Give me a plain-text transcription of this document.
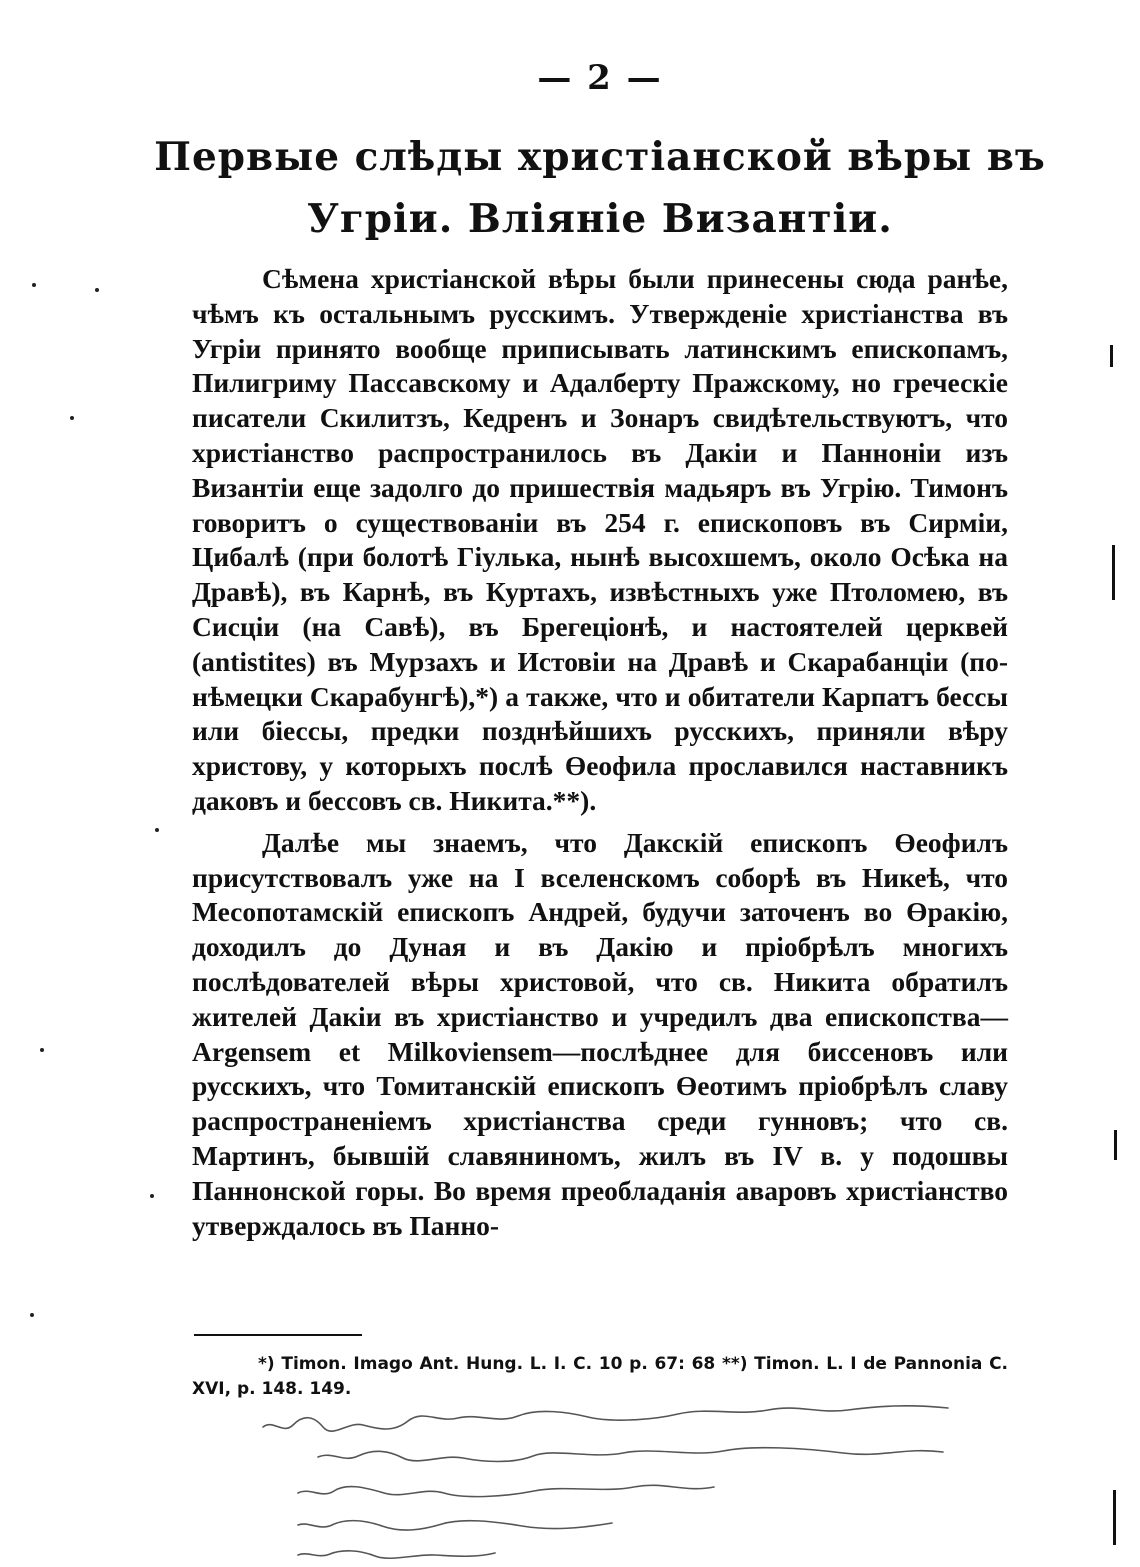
— 2 —
Первые слѣды христіанской вѣры въ
Угріи. Вліяніе Византіи.

Сѣмена христіанской вѣры были принесены сюда ранѣе, чѣмъ къ остальнымъ русскимъ. Утвержденіе христіанства въ Угріи принято вообще приписывать латинскимъ епископамъ, Пилигриму Пассавскому и Адалберту Пражскому, но греческіе писатели Скилитзъ, Кедренъ и Зонаръ свидѣтельствуютъ, что христіанство распространилось въ Дакіи и Панноніи изъ Византіи еще задолго до пришествія мадьяръ въ Угрію. Тимонъ говоритъ о существованіи въ 254 г. епископовъ въ Сирміи, Цибалѣ (при болотѣ Гіулька, нынѣ высохшемъ, около Осѣка на Дравѣ), въ Карнѣ, въ Куртахъ, извѣстныхъ уже Птоломею, въ Сисціи (на Савѣ), въ Брегеціонѣ, и настоятелей церквей (antistites) въ Мурзахъ и Истовіи на Дравѣ и Скарабанціи (по-нѣмецки Скарабунгѣ),*) а также, что и обитатели Карпатъ бессы или біессы, предки позднѣйшихъ русскихъ, приняли вѣру христову, у которыхъ послѣ Өеофила прославился наставникъ даковъ и бессовъ св. Никита.**).

Далѣе мы знаемъ, что Дакскій епископъ Өеофилъ присутствовалъ уже на I вселенскомъ соборѣ въ Никеѣ, что Месопотамскій епископъ Андрей, будучи заточенъ во Өракію, доходилъ до Дуная и въ Дакію и пріобрѣлъ многихъ послѣдователей вѣры христовой, что св. Никита обратилъ жителей Дакіи въ христіанство и учредилъ два епископства—Argensem et Milkoviensem—послѣднее для биссеновъ или русскихъ, что Томитанскій епископъ Өеотимъ пріобрѣлъ славу распространеніемъ христіанства среди гунновъ; что св. Мартинъ, бывшій славяниномъ, жилъ въ IV в. у подошвы Паннонской горы. Во время преобладанія аваровъ христіанство утверждалось въ Панно-

*) Timon. Imago Ant. Hung. L. I. C. 10 p. 67: 68 **) Timon. L. I de Pannonia C. XVI, p. 148. 149.
